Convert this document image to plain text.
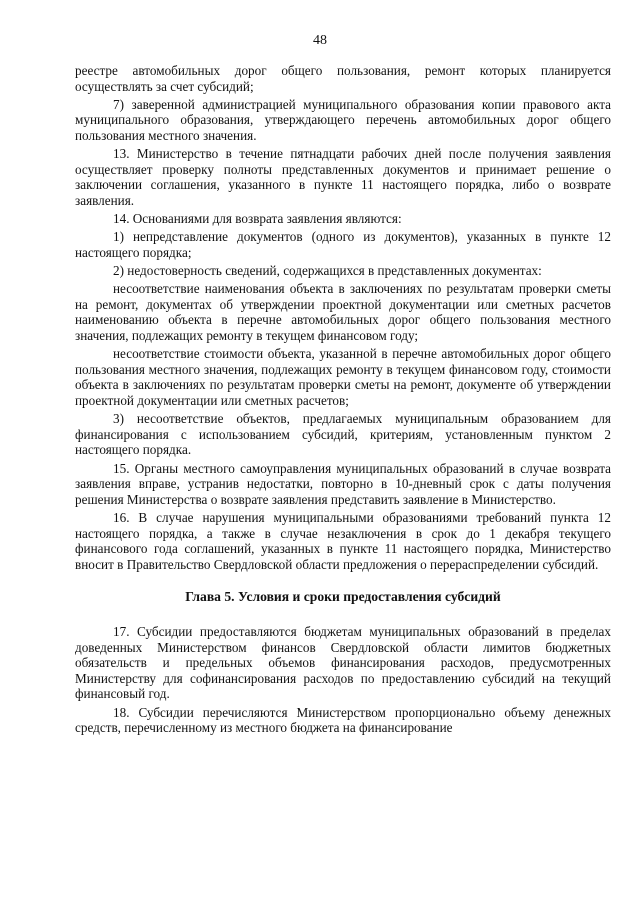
48

реестре автомобильных дорог общего пользования, ремонт которых планируется осуществлять за счет субсидий;

7) заверенной администрацией муниципального образования копии правового акта муниципального образования, утверждающего перечень автомобильных дорог общего пользования местного значения.

13. Министерство в течение пятнадцати рабочих дней после получения заявления осуществляет проверку полноты представленных документов и принимает решение о заключении соглашения, указанного в пункте 11 настоящего порядка, либо о возврате заявления.

14. Основаниями для возврата заявления являются:

1) непредставление документов (одного из документов), указанных в пункте 12 настоящего порядка;

2) недостоверность сведений, содержащихся в представленных документах:

несоответствие наименования объекта в заключениях по результатам проверки сметы на ремонт, документах об утверждении проектной документации или сметных расчетов наименованию объекта в перечне автомобильных дорог общего пользования местного значения, подлежащих ремонту в текущем финансовом году;

несоответствие стоимости объекта, указанной в перечне автомобильных дорог общего пользования местного значения, подлежащих ремонту в текущем финансовом году, стоимости объекта в заключениях по результатам проверки сметы на ремонт, документе об утверждении проектной документации или сметных расчетов;

3) несоответствие объектов, предлагаемых муниципальным образованием для финансирования с использованием субсидий, критериям, установленным пунктом 2 настоящего порядка.

15. Органы местного самоуправления муниципальных образований в случае возврата заявления вправе, устранив недостатки, повторно в 10-дневный срок с даты получения решения Министерства о возврате заявления представить заявление в Министерство.

16. В случае нарушения муниципальными образованиями требований пункта 12 настоящего порядка, а также в случае незаключения в срок до 1 декабря текущего финансового года соглашений, указанных в пункте 11 настоящего порядка, Министерство вносит в Правительство Свердловской области предложения о перераспределении субсидий.

Глава 5. Условия и сроки предоставления субсидий

17. Субсидии предоставляются бюджетам муниципальных образований в пределах доведенных Министерством финансов Свердловской области лимитов бюджетных обязательств и предельных объемов финансирования расходов, предусмотренных Министерству для софинансирования расходов по предоставлению субсидий на текущий финансовый год.

18. Субсидии перечисляются Министерством пропорционально объему денежных средств, перечисленному из местного бюджета на финансирование
